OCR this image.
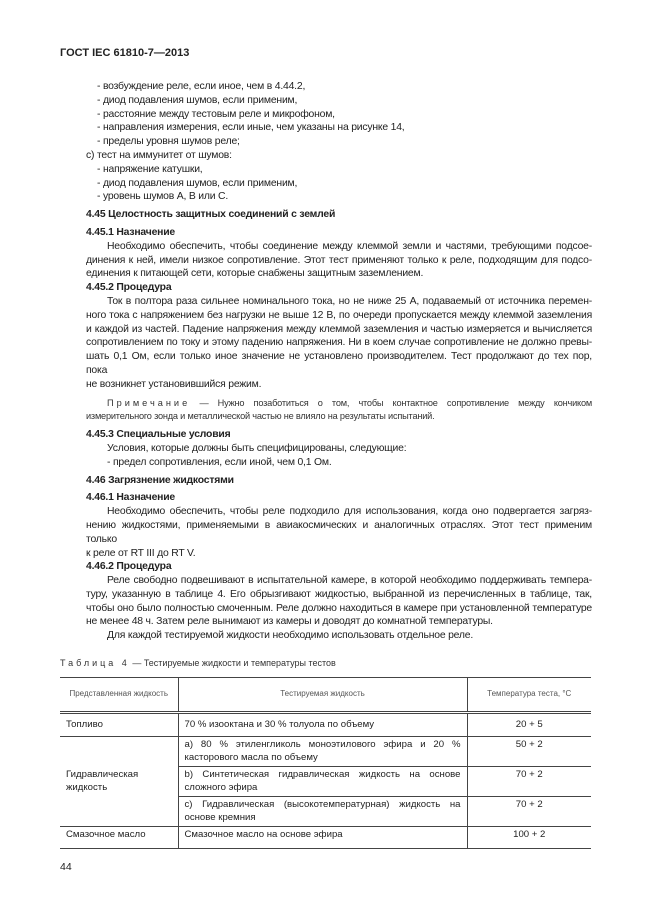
ГОСТ IEC 61810-7—2013
- возбуждение реле, если иное, чем в 4.44.2,
- диод подавления шумов, если применим,
- расстояние между тестовым реле и микрофоном,
- направления измерения, если иные, чем указаны на рисунке 14,
- пределы уровня шумов реле;
с) тест на иммунитет от шумов:
- напряжение катушки,
- диод подавления шумов, если применим,
- уровень шумов А, В или С.
4.45 Целостность защитных соединений с землей
4.45.1 Назначение
Необходимо обеспечить, чтобы соединение между клеммой земли и частями, требующими подсое-
динения к ней, имели низкое сопротивление. Этот тест применяют только к реле, подходящим для подсо-
единения к питающей сети, которые снабжены защитным заземлением.
4.45.2 Процедура
Ток в полтора раза сильнее номинального тока, но не ниже 25 А, подаваемый от источника перемен-
ного тока с напряжением без нагрузки не выше 12 В, по очереди пропускается между клеммой заземления
и каждой из частей. Падение напряжения между клеммой заземления и частью измеряется и вычисляется
сопротивлением по току и этому падению напряжения. Ни в коем случае сопротивление не должно превы-
шать 0,1 Ом, если только иное значение не установлено производителем. Тест продолжают до тех пор, пока
не возникнет установившийся режим.
Примечание — Нужно позаботиться о том, чтобы контактное сопротивление между кончиком
измерительного зонда и металлической частью не влияло на результаты испытаний.
4.45.3 Специальные условия
Условия, которые должны быть специфицированы, следующие:
- предел сопротивления, если иной, чем 0,1 Ом.
4.46 Загрязнение жидкостями
4.46.1 Назначение
Необходимо обеспечить, чтобы реле подходило для использования, когда оно подвергается загряз-
нению жидкостями, применяемыми в авиакосмических и аналогичных отраслях. Этот тест применим только
к реле от RT III до RT V.
4.46.2 Процедура
Реле свободно подвешивают в испытательной камере, в которой необходимо поддерживать темпера-
туру, указанную в таблице 4. Его обрызгивают жидкостью, выбранной из перечисленных в таблице, так,
чтобы оно было полностью смоченным. Реле должно находиться в камере при установленной температуре
не менее 48 ч. Затем реле вынимают из камеры и доводят до комнатной температуры.
Для каждой тестируемой жидкости необходимо использовать отдельное реле.
Таблица 4 — Тестируемые жидкости и температуры тестов
Представленная жидкость	Тестируемая жидкость	Температура теста, °С
Топливо	70 % изооктана и 30 % толуола по объему	20 + 5
Гидравлическая жидкость	а) 80 % этиленгликоль моноэтилового эфира и 20 % касторового масла по объему	50 + 2
	b) Синтетическая гидравлическая жидкость на основе сложного эфира	70 + 2
	с) Гидравлическая (высокотемпературная) жидкость на основе кремния	70 + 2
Смазочное масло	Смазочное масло на основе эфира	100 + 2
44
